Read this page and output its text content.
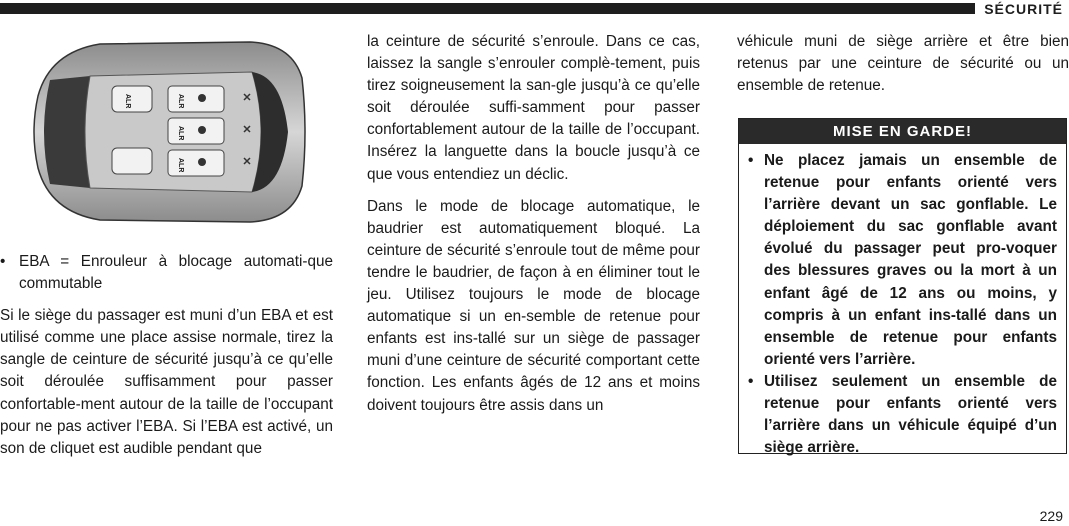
SÉCURITÉ
ALR	ALR
ALR
ALR

• EBA = Enrouleur à blocage automati-que commutable

Si le siège du passager est muni d’un EBA et est utilisé comme une place assise normale, tirez la sangle de ceinture de sécurité jusqu’à ce qu’elle soit déroulée suffisamment pour passer confortable-ment autour de la taille de l’occupant pour ne pas activer l’EBA. Si l’EBA est activé, un son de cliquet est audible pendant que

la ceinture de sécurité s’enroule. Dans ce cas, laissez la sangle s’enrouler complè-tement, puis tirez soigneusement la san-gle jusqu’à ce qu’elle soit déroulée suffi-samment pour passer confortablement autour de la taille de l’occupant. Insérez la languette dans la boucle jusqu’à ce que vous entendiez un déclic.

Dans le mode de blocage automatique, le baudrier est automatiquement bloqué. La ceinture de sécurité s’enroule tout de même pour tendre le baudrier, de façon à en éliminer tout le jeu. Utilisez toujours le mode de blocage automatique si un en-semble de retenue pour enfants est ins-tallé sur un siège de passager muni d’une ceinture de sécurité comportant cette fonction. Les enfants âgés de 12 ans et moins doivent toujours être assis dans un

véhicule muni de siège arrière et être bien retenus par une ceinture de sécurité ou un ensemble de retenue.

MISE EN GARDE!

• Ne placez jamais un ensemble de retenue pour enfants orienté vers l’arrière devant un sac gonflable. Le déploiement du sac gonflable avant évolué du passager peut pro-voquer des blessures graves ou la mort à un enfant âgé de 12 ans ou moins, y compris à un enfant ins-tallé dans un ensemble de retenue pour enfants orienté vers l’arrière.

• Utilisez seulement un ensemble de retenue pour enfants orienté vers l’arrière dans un véhicule équipé d’un siège arrière.

229
